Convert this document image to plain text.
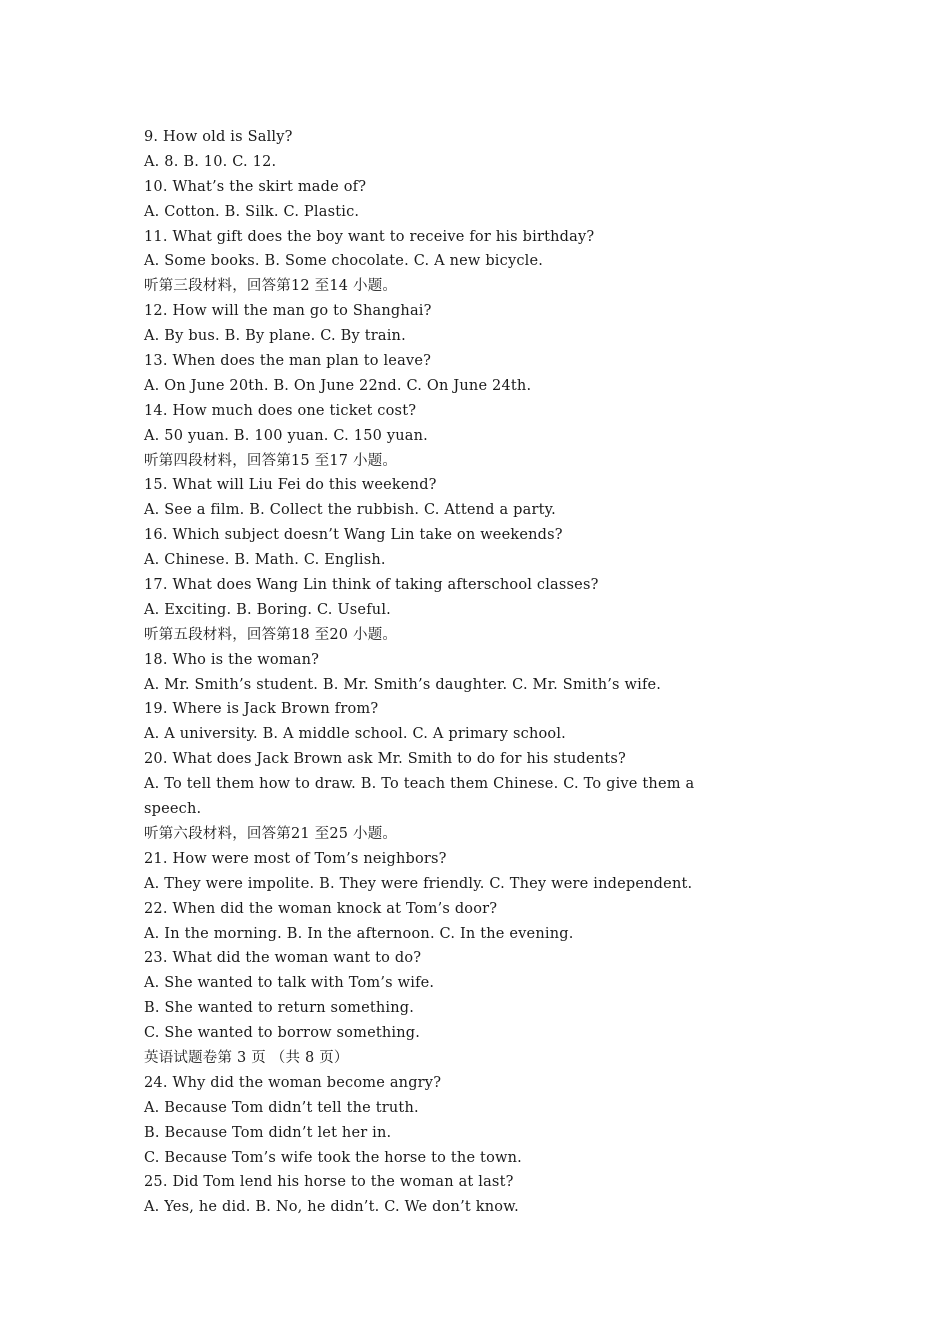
9. How old is Sally?
A. 8. B. 10. C. 12.
10. What’s the skirt made of?
A. Cotton. B. Silk. C. Plastic.
11. What gift does the boy want to receive for his birthday?
A. Some books. B. Some chocolate. C. A new bicycle.
听第三段材料，回答第12 至14 小题。
12. How will the man go to Shanghai?
A. By bus. B. By plane. C. By train.
13. When does the man plan to leave?
A. On June 20th. B. On June 22nd. C. On June 24th.
14. How much does one ticket cost?
A. 50 yuan. B. 100 yuan. C. 150 yuan.
听第四段材料，回答第15 至17 小题。
15. What will Liu Fei do this weekend?
A. See a film. B. Collect the rubbish. C. Attend a party.
16. Which subject doesn’t Wang Lin take on weekends?
A. Chinese. B. Math. C. English.
17. What does Wang Lin think of taking afterschool classes?
A. Exciting. B. Boring. C. Useful.
听第五段材料，回答第18 至20 小题。
18. Who is the woman?
A. Mr. Smith’s student. B. Mr. Smith’s daughter. C. Mr. Smith’s wife.
19. Where is Jack Brown from?
A. A university. B. A middle school. C. A primary school.
20. What does Jack Brown ask Mr. Smith to do for his students?
A. To tell them how to draw. B. To teach them Chinese. C. To give them a
speech.
听第六段材料，回答第21 至25 小题。
21. How were most of Tom’s neighbors?
A. They were impolite. B. They were friendly. C. They were independent.
22. When did the woman knock at Tom’s door?
A. In the morning. B. In the afternoon. C. In the evening.
23. What did the woman want to do?
A. She wanted to talk with Tom’s wife.
B. She wanted to return something.
C. She wanted to borrow something.
英语试题卷第 3 页 （共 8 页）
24. Why did the woman become angry?
A. Because Tom didn’t tell the truth.
B. Because Tom didn’t let her in.
C. Because Tom’s wife took the horse to the town.
25. Did Tom lend his horse to the woman at last?
A. Yes, he did. B. No, he didn’t. C. We don’t know.
